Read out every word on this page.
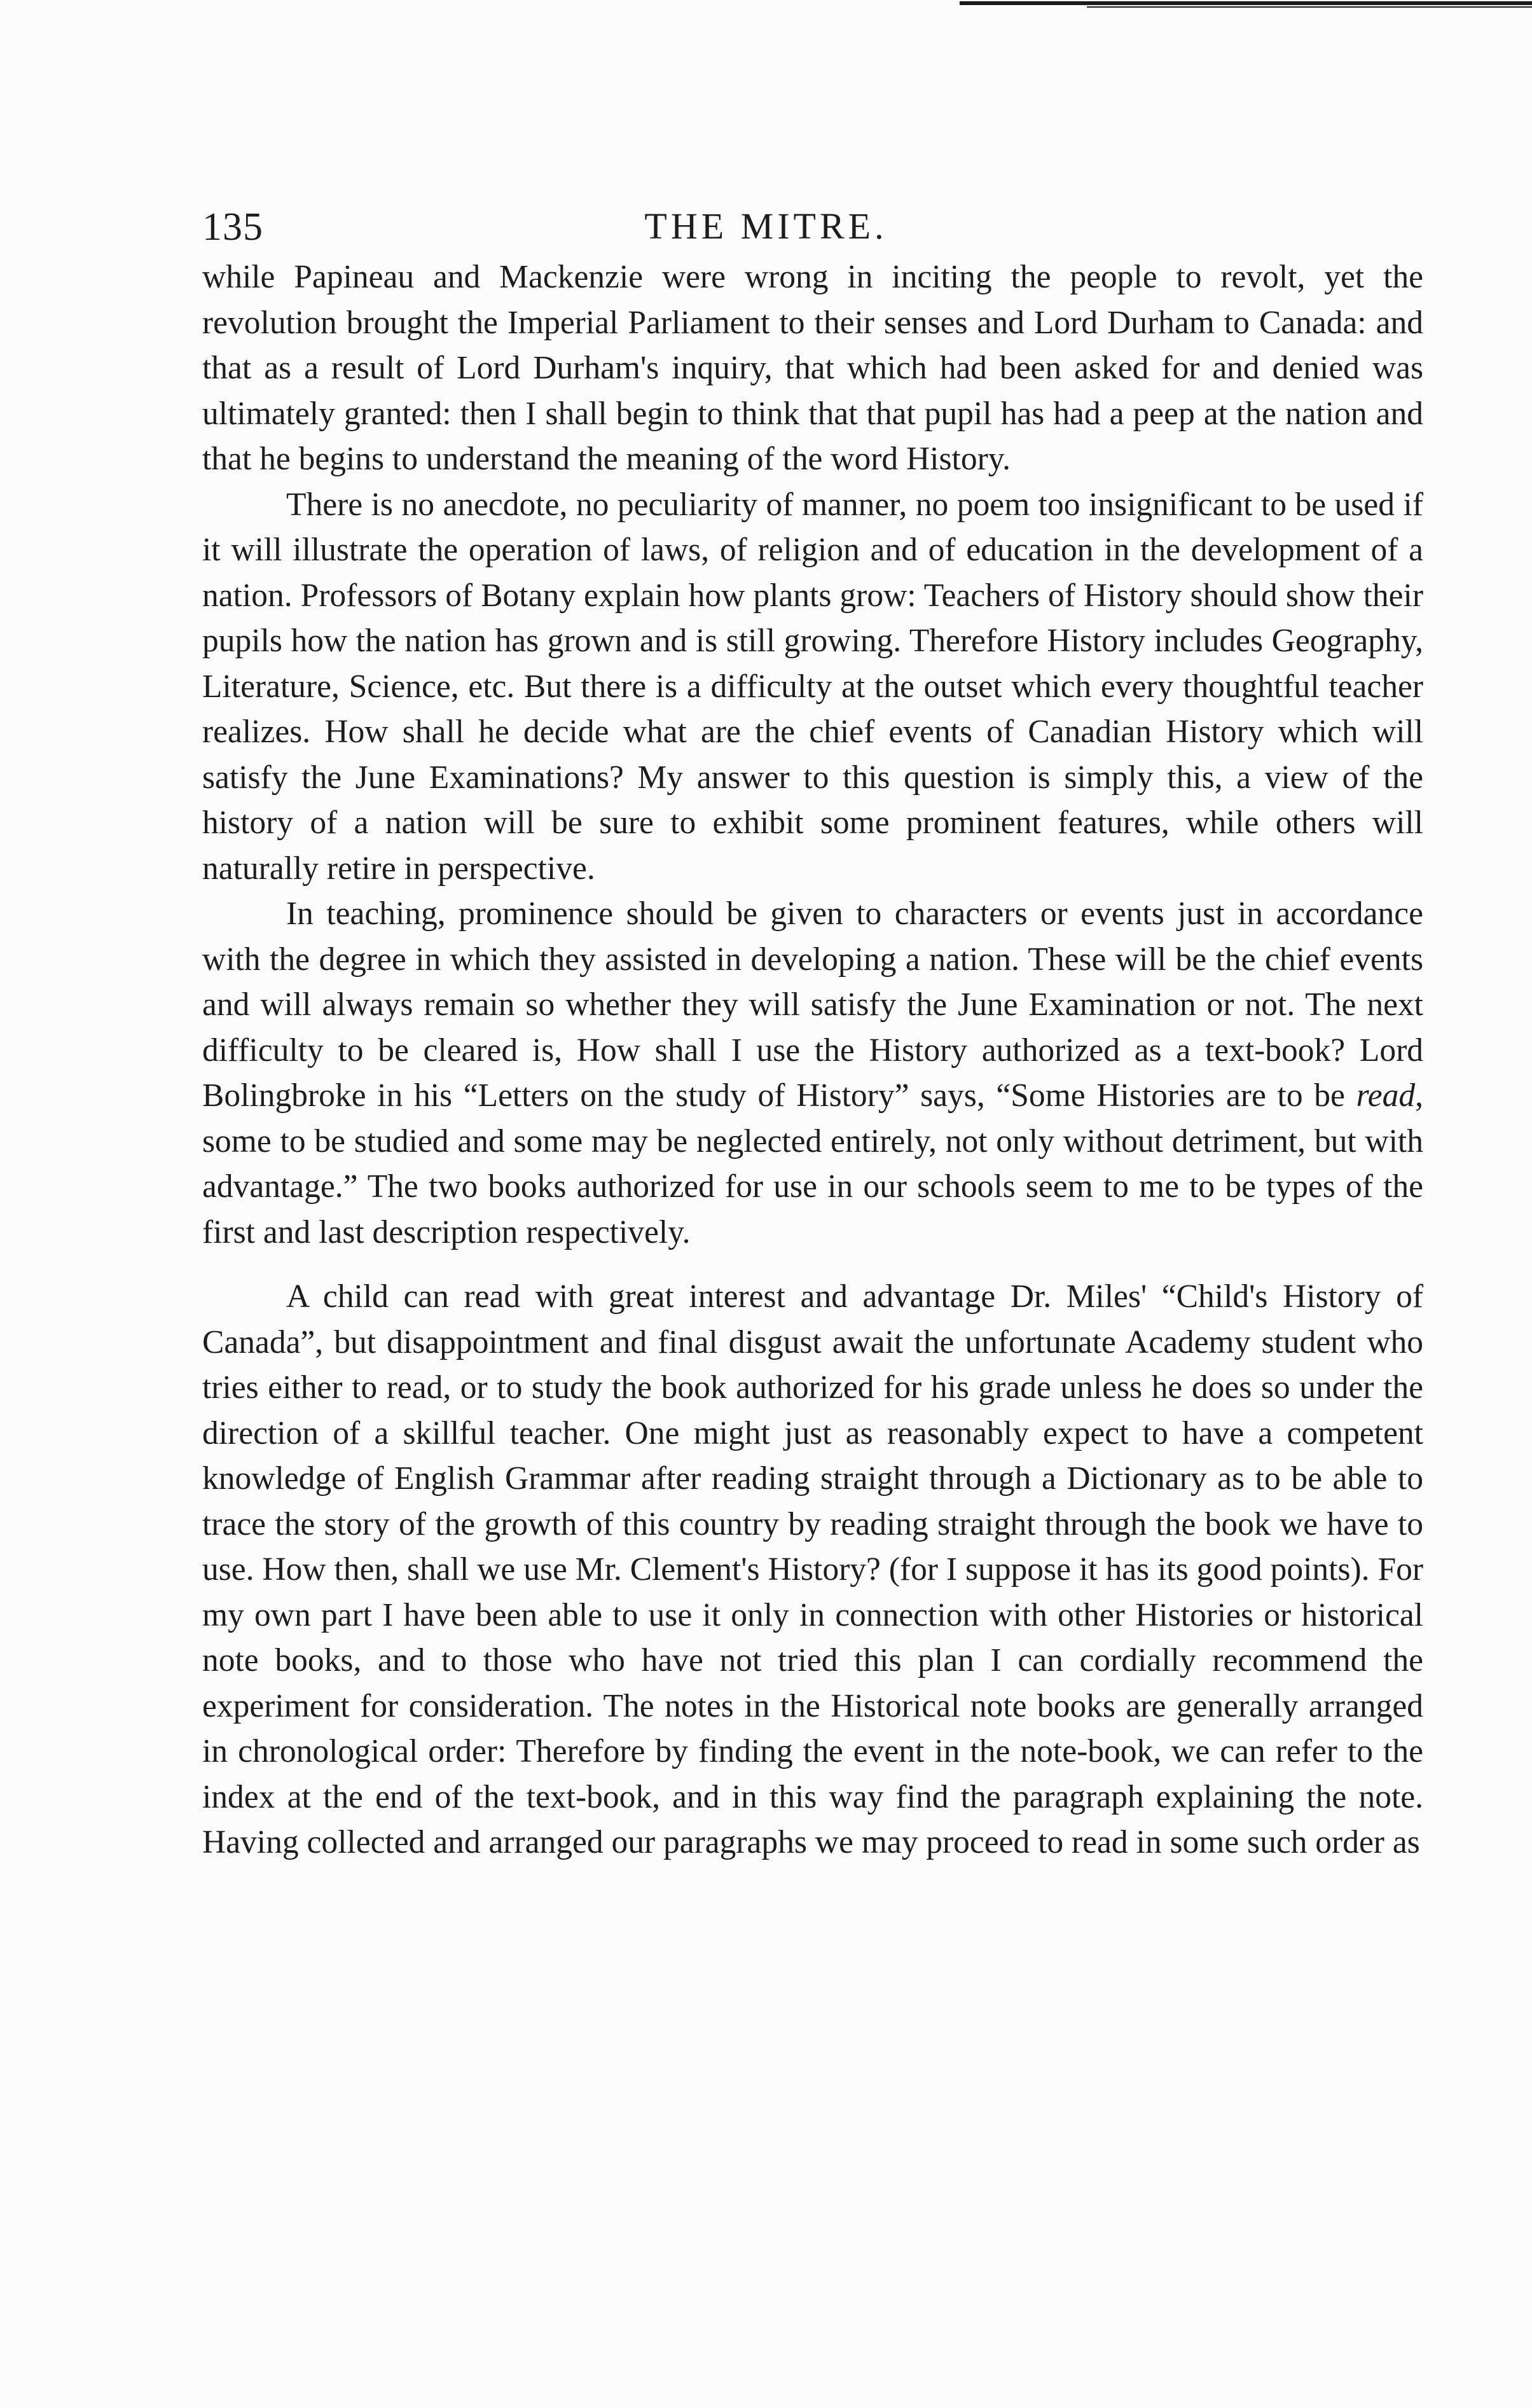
135	THE MITRE.

while Papineau and Mackenzie were wrong in inciting the people to revolt, yet the revolution brought the Imperial Parliament to their senses and Lord Durham to Canada: and that as a result of Lord Durham's inquiry, that which had been asked for and denied was ultimately granted: then I shall begin to think that that pupil has had a peep at the nation and that he begins to understand the meaning of the word History.

There is no anecdote, no peculiarity of manner, no poem too insignificant to be used if it will illustrate the operation of laws, of religion and of education in the development of a nation. Professors of Botany explain how plants grow: Teachers of History should show their pupils how the nation has grown and is still growing. Therefore History includes Geography, Literature, Science, etc. But there is a difficulty at the outset which every thoughtful teacher realizes. How shall he decide what are the chief events of Canadian History which will satisfy the June Examinations? My answer to this question is simply this, a view of the history of a nation will be sure to exhibit some prominent features, while others will naturally retire in perspective.

In teaching, prominence should be given to characters or events just in accordance with the degree in which they assisted in developing a nation. These will be the chief events and will always remain so whether they will satisfy the June Examination or not. The next difficulty to be cleared is, How shall I use the History authorized as a text-book? Lord Bolingbroke in his “Letters on the study of History” says, “Some Histories are to be read, some to be studied and some may be neglected entirely, not only without detriment, but with advantage.” The two books authorized for use in our schools seem to me to be types of the first and last description respectively.

A child can read with great interest and advantage Dr. Miles' “Child's History of Canada”, but disappointment and final disgust await the unfortunate Academy student who tries either to read, or to study the book authorized for his grade unless he does so under the direction of a skillful teacher. One might just as reasonably expect to have a competent knowledge of English Grammar after reading straight through a Dictionary as to be able to trace the story of the growth of this country by reading straight through the book we have to use. How then, shall we use Mr. Clement's History? (for I suppose it has its good points). For my own part I have been able to use it only in connection with other Histories or historical note books, and to those who have not tried this plan I can cordially recommend the experiment for consideration. The notes in the Historical note books are generally arranged in chronological order: Therefore by finding the event in the note-book, we can refer to the index at the end of the text-book, and in this way find the paragraph explaining the note. Having collected and arranged our paragraphs we may proceed to read in some such order as
